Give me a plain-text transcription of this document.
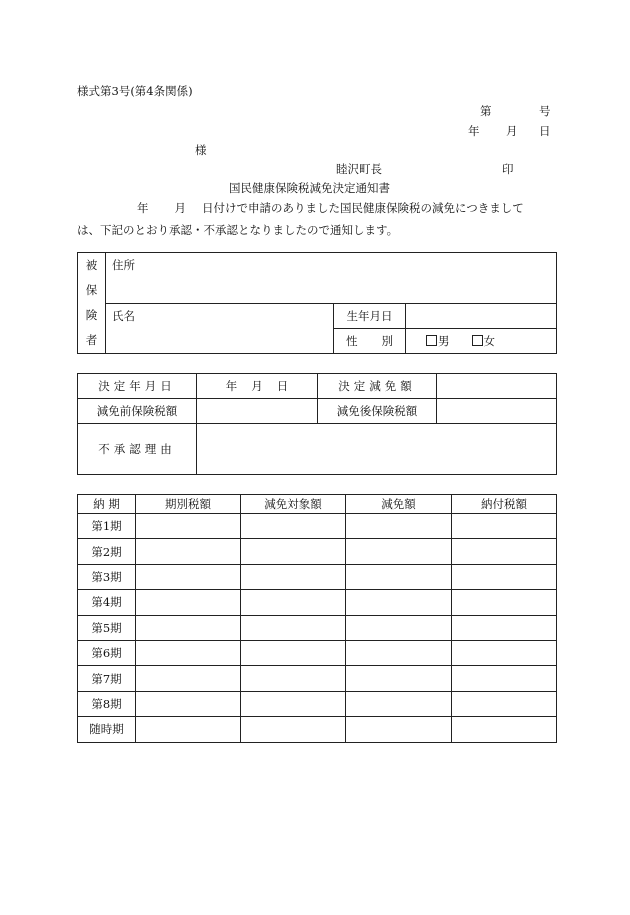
様式第3号(第4条関係)
第	号
年 月 日
様
睦沢町長	印
国民健康保険税減免決定通知書
年 月 日付けで申請のありました国民健康保険税の減免につきまして
は、下記のとおり承認・不承認となりましたので通知します。
被
保
険
者	住所		
	氏名	生年月日	
		性 別	男 女
決定年月日	年 月 日	決定減免額	
減免前保険税額		減免後保険税額	
不承認理由			
納 期	期別税額	減免対象額	減免額	納付税額
第1期				
第2期				
第3期				
第4期				
第5期				
第6期				
第7期				
第8期				
随時期				
